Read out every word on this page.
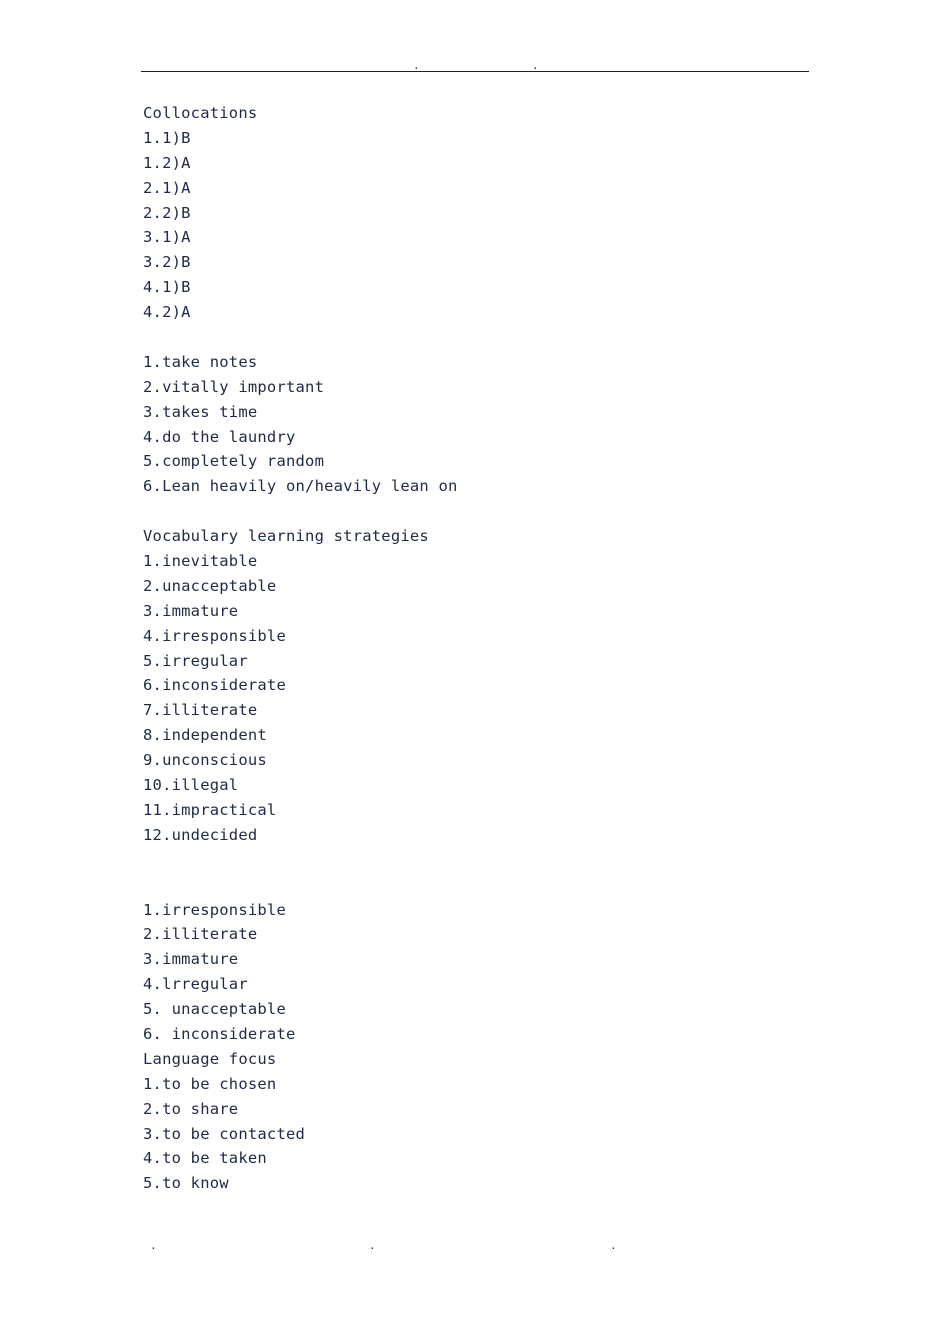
.	.
Collocations
1.1)B
1.2)A
2.1)A
2.2)B
3.1)A
3.2)B
4.1)B
4.2)A
1.take notes
2.vitally important
3.takes time
4.do the laundry
5.completely random
6.Lean heavily on/heavily lean on
Vocabulary learning strategies
1.inevitable
2.unacceptable
3.immature
4.irresponsible
5.irregular
6.inconsiderate
7.illiterate
8.independent
9.unconscious
10.illegal
11.impractical
12.undecided
1.irresponsible
2.illiterate
3.immature
4.lrregular
5. unacceptable
6. inconsiderate
Language focus
1.to be chosen
2.to share
3.to be contacted
4.to be taken
5.to know
.	.	.
